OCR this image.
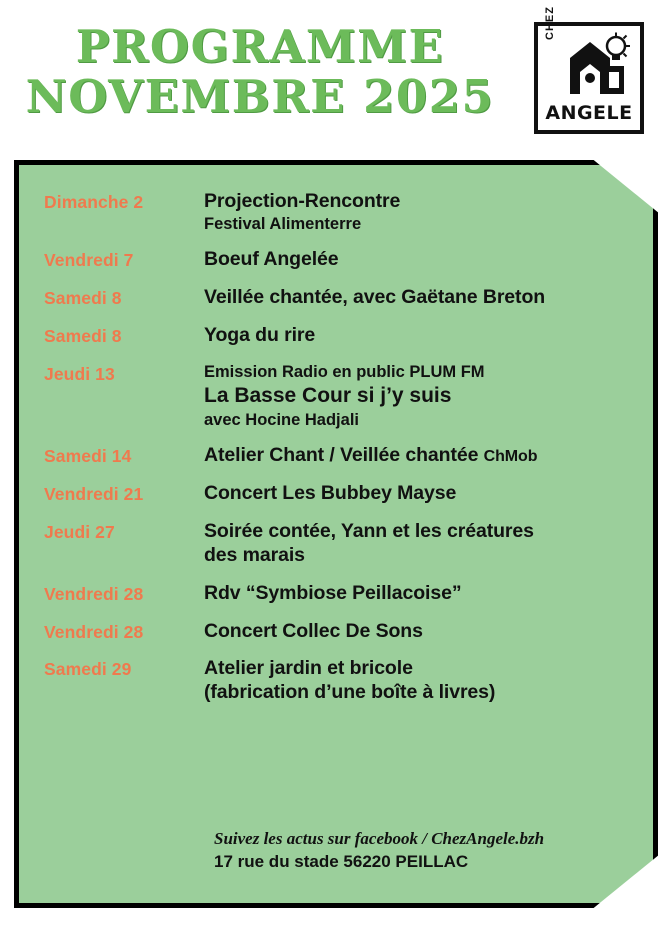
PROGRAMME
NOVEMBRE 2025
CHEZ
ANGELE
Dimanche 2	Projection-Rencontre
Festival Alimenterre
Vendredi 7	Boeuf Angelée
Samedi 8	Veillée chantée, avec Gaëtane Breton
Samedi 8	Yoga du rire
Jeudi 13	Emission Radio en public PLUM FM
La Basse Cour si j’y suis
avec Hocine Hadjali
Samedi 14	Atelier Chant / Veillée chantée ChMob
Vendredi 21	Concert Les Bubbey Mayse
Jeudi 27	Soirée contée, Yann et les créatures
des marais
Vendredi 28	Rdv “Symbiose Peillacoise”
Vendredi 28	Concert Collec De Sons
Samedi 29	Atelier jardin et bricole
(fabrication d’une boîte à livres)
Suivez les actus sur facebook / ChezAngele.bzh
17 rue du stade 56220 PEILLAC
